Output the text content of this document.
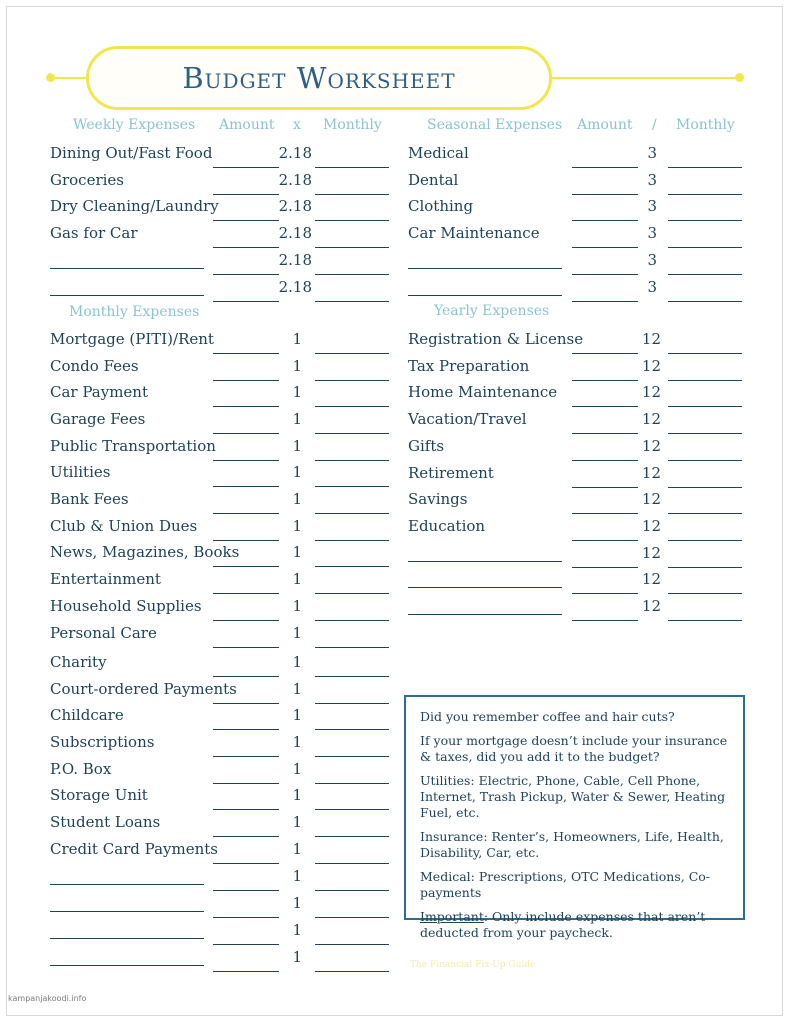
Budget Worksheet
Weekly Expenses Amount x Monthly	Seasonal Expenses Amount / Monthly
Monthly Expenses	Yearly Expenses
Dining Out/Fast Food	2.18
Groceries	2.18
Dry Cleaning/Laundry	2.18
Gas for Car	2.18
2.18
2.18
Medical	3
Dental	3
Clothing	3
Car Maintenance	3
3
3
Mortgage (PITI)/Rent	1
Condo Fees	1
Car Payment	1
Garage Fees	1
Public Transportation	1
Utilities	1
Bank Fees	1
Club & Union Dues	1
News, Magazines, Books	1
Entertainment	1
Household Supplies	1
Personal Care	1
Charity	1
Court-ordered Payments	1
Childcare	1
Subscriptions	1
P.O. Box	1
Storage Unit	1
Student Loans	1
Credit Card Payments	1
1
1
1
1
Registration & License	12
Tax Preparation	12
Home Maintenance	12
Vacation/Travel	12
Gifts	12
Retirement	12
Savings	12
Education	12
12
12
12

Did you remember coffee and hair cuts?

If your mortgage doesn’t include your insurance & taxes, did you add it to the budget?

Utilities: Electric, Phone, Cable, Cell Phone, Internet, Trash Pickup, Water & Sewer, Heating Fuel, etc.

Insurance: Renter’s, Homeowners, Life, Health, Disability, Car, etc.

Medical: Prescriptions, OTC Medications, Co-payments

Important: Only include expenses that aren’t deducted from your paycheck.

The Financial Fix-Up Guide
kampanjakoodi.info
